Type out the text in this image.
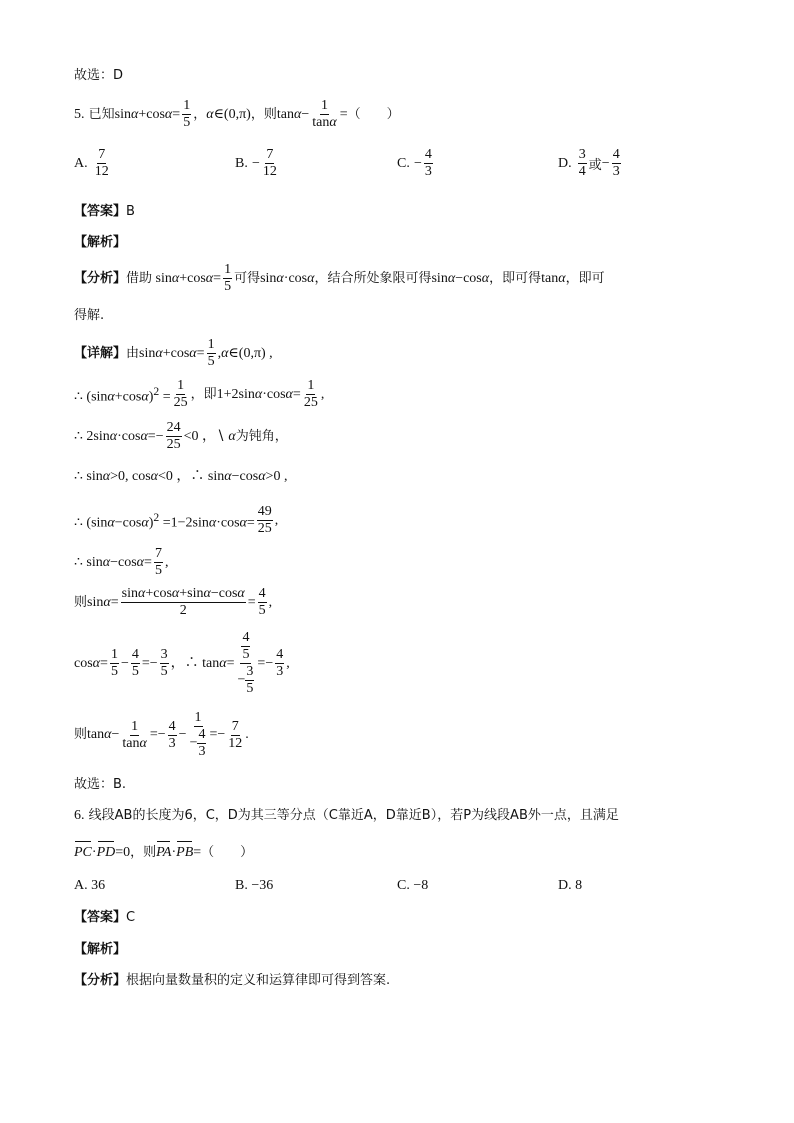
故选：D
5.
已知 $\sin\alpha+\cos\alpha= \frac{1}{5}$ ， α∈(0,π) ，则 $\tan\alpha- \frac{1}{\tan\alpha}$ = （　　）
A.
$\frac{7}{12}$	B.
− $\frac{7}{12}$	C.
− $\frac{4}{3}$	D.
$\frac{3}{4}$ 或 − $\frac{4}{3}$
【答案】B
【解析】
【分析】 借助 $\sin\alpha+\cos\alpha= \frac{1}{5}$ 可得 sinα·cosα ，结合所处象限可得 sinα−cosα ，即可得 tanα ，即可
得解.
【详解】 由 $\sin\alpha+\cos\alpha= \frac{1}{5}$ ,α∈(0,π) ,
∴ $(\sin\alpha+\cos\alpha)^2 = \frac{1}{25}$ ，即 $1+2\sin\alpha\cdot\cos\alpha= \frac{1}{25}$ ,
∴ $2\sin\alpha\cdot\cos\alpha=- \frac{24}{25} <0$ ，∖ α 为钝角，
∴ sinα>0, cosα<0 ，∴ sinα−cosα>0 ,
∴ $(\sin\alpha-\cos\alpha)^2 =1-2\sin\alpha\cdot\cos\alpha= \frac{49}{25}$ ,
∴ $\sin\alpha-\cos\alpha= \frac{7}{5}$ ,
则 $\sin\alpha= \frac{\sin\alpha+\cos\alpha+\sin\alpha-\cos\alpha}{2} = \frac{4}{5}$ ,
$\cos\alpha= \frac{1}{5} - \frac{4}{5} =- \frac{3}{5}$ ，∴ $\tan\alpha= \frac{\frac{4}{5}}{- \frac{3}{5}} =- \frac{4}{3}$ ,
则 $\tan\alpha- \frac{1}{\tan\alpha} =- \frac{4}{3} - \frac{1}{- \frac{4}{3}} =- \frac{7}{12}$ .
故选：B.
6. 线段AB的长度为6，C，D为其三等分点（C靠近A，D靠近B），若P为线段AB外一点，且满足
PC·PD=0 ，则 PA·PB= （　　）
A. 36	B. −36	C. −8	D. 8
【答案】C
【解析】
【分析】根据向量数量积的定义和运算律即可得到答案.
